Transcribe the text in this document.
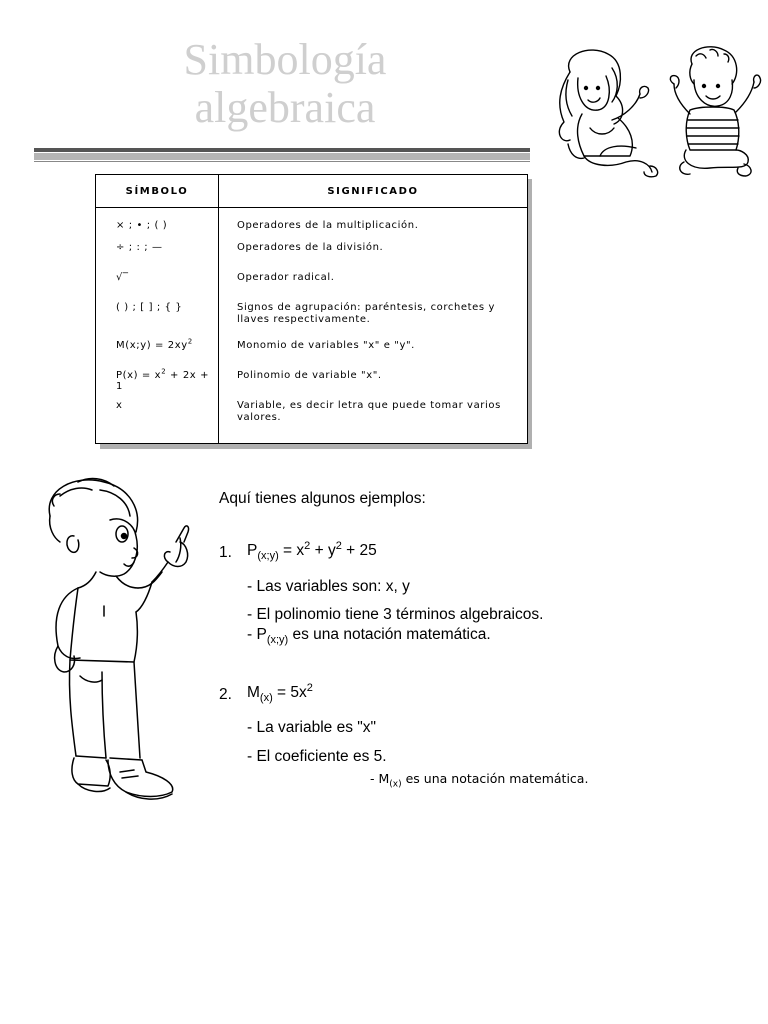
Simbología
algebraica
SÍMBOLO	SIGNIFICADO
× ; • ; ( )	Operadores de la multiplicación.
÷ ; : ; —	Operadores de la división.
√‾	Operador radical.
( ) ; [ ] ; { }	Signos de agrupación: paréntesis, corchetes y llaves respectivamente.
M(x;y) = $2xy^2$	Monomio de variables "x" e "y".
$P(x) = x^2 + 2x + 1$	Polinomio de variable "x".
x	Variable, es decir letra que puede tomar varios valores.
Aquí tienes algunos ejemplos:
1. $P_{(x;y)} = x^2 + y^2 + 25$
- Las variables son: x, y
- El polinomio tiene 3 términos algebraicos.
- $P_{(x;y)}$ es una notación matemática.
2. $M_{(x)} = 5x^2$
- La variable es "x"
- El coeficiente es 5.
- $M_{(x)}$ es una notación matemática.
